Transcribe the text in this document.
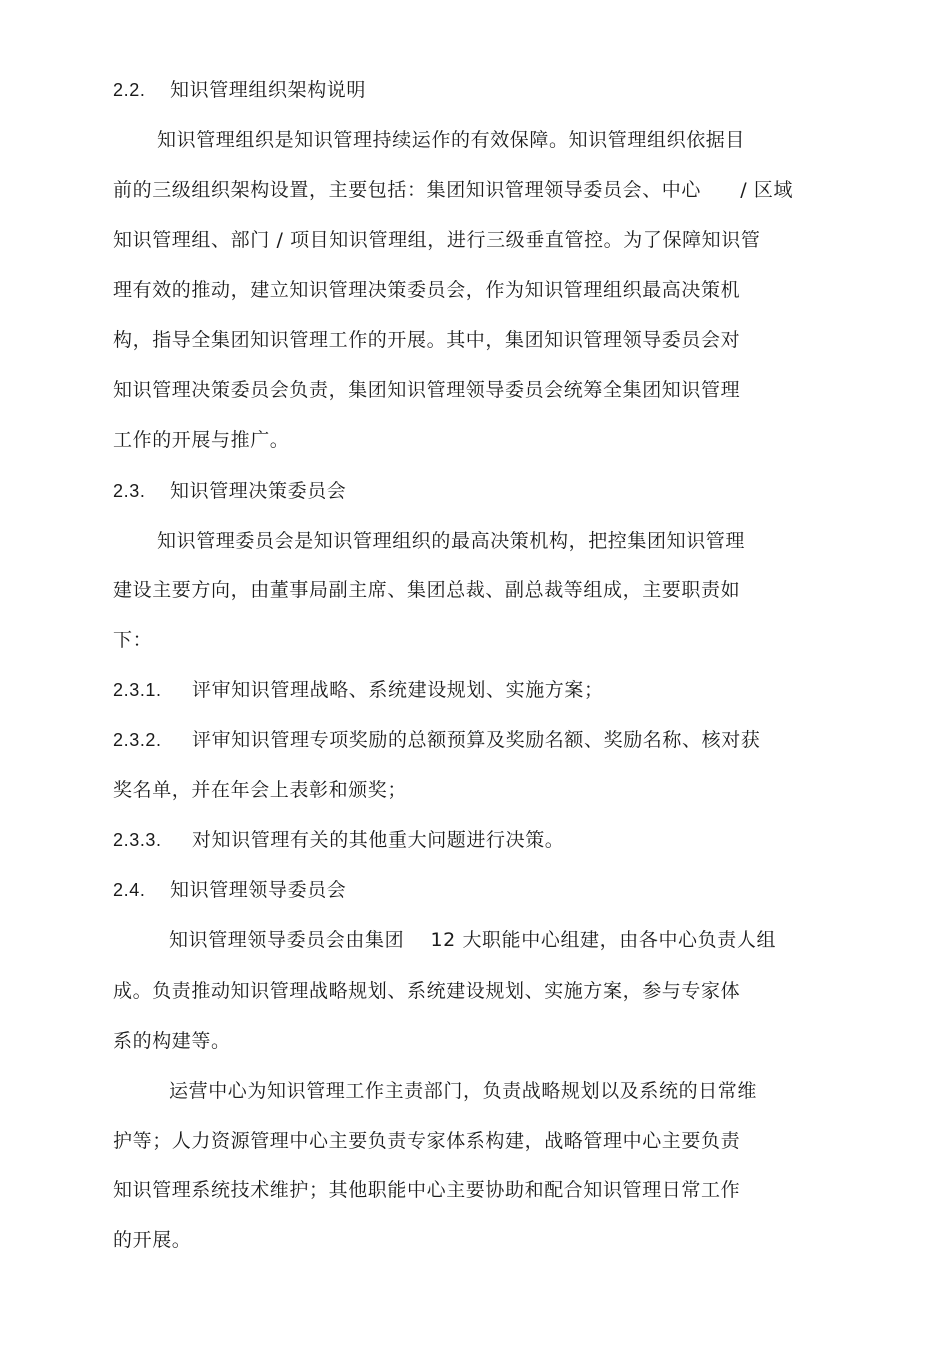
2.2. 知识管理组织架构说明
知识管理组织是知识管理持续运作的有效保障。知识管理组织依据目
前的三级组织架构设置，主要包括：集团知识管理领导委员会、中心　　/ 区域
知识管理组、部门 / 项目知识管理组，进行三级垂直管控。为了保障知识管
理有效的推动，建立知识管理决策委员会，作为知识管理组织最高决策机
构，指导全集团知识管理工作的开展。其中，集团知识管理领导委员会对
知识管理决策委员会负责，集团知识管理领导委员会统筹全集团知识管理
工作的开展与推广。
2.3. 知识管理决策委员会
知识管理委员会是知识管理组织的最高决策机构，把控集团知识管理
建设主要方向，由董事局副主席、集团总裁、副总裁等组成，主要职责如
下：
2.3.1. 评审知识管理战略、系统建设规划、实施方案；
2.3.2. 评审知识管理专项奖励的总额预算及奖励名额、奖励名称、核对获
奖名单，并在年会上表彰和颁奖；
2.3.3. 对知识管理有关的其他重大问题进行决策。
2.4. 知识管理领导委员会
知识管理领导委员会由集团　 12 大职能中心组建，由各中心负责人组
成。负责推动知识管理战略规划、系统建设规划、实施方案，参与专家体
系的构建等。
运营中心为知识管理工作主责部门，负责战略规划以及系统的日常维
护等；人力资源管理中心主要负责专家体系构建，战略管理中心主要负责
知识管理系统技术维护；其他职能中心主要协助和配合知识管理日常工作
的开展。
